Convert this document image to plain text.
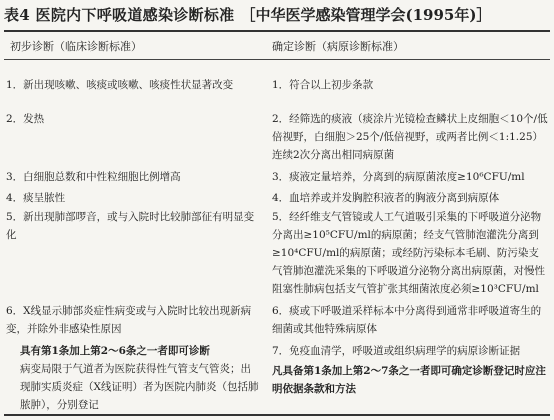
表4 医院内下呼吸道感染诊断标准 ［中华医学感染管理学会(1995年)］
初步诊断（临床诊断标准）	确定诊断（病原诊断标准）
1．新出现咳嗽、咳痰或咳嗽、咳痰性状显著改变
2．发热
3．白细胞总数和中性粒细胞比例增高
4．痰呈脓性
5．新出现肺部啰音，或与入院时比较肺部征有明显变化
6．X线显示肺部炎症性病变或与入院时比较出现新病变，并除外非感染性原因
具有第1条加上第2～6条之一者即可诊断
病变局限于气道者为医院获得性气管支气管炎；出现肺实质炎症（X线证明）者为医院内肺炎（包括肺脓肿），分别登记
1．符合以上初步条款
2．经筛选的痰液（痰涂片光镜检查鳞状上皮细胞＜10个/低倍视野，白细胞＞25个/低倍视野，或两者比例＜1:1.25）连续2次分离出相同病原菌
3．痰液定量培养，分离到的病原菌浓度≥10⁶CFU/ml
4．血培养或并发胸腔积液者的胸液分离到病原体
5．经纤维支气管镜或人工气道吸引采集的下呼吸道分泌物分离出≥10⁵CFU/ml的病原菌；经支气管肺泡灌洗分离到≥10⁴CFU/ml的病原菌；或经防污染标本毛刷、防污染支气管肺泡灌洗采集的下呼吸道分泌物分离出病原菌，对慢性阻塞性肺病包括支气管扩张其细菌浓度必须≥10³CFU/ml
6．痰或下呼吸道采样标本中分离得到通常非呼吸道寄生的细菌或其他特殊病原体
7．免疫血清学，呼吸道或组织病理学的病原诊断证据
凡具备第1条加上第2～7条之一者即可确定诊断登记时应注明依据条款和方法
